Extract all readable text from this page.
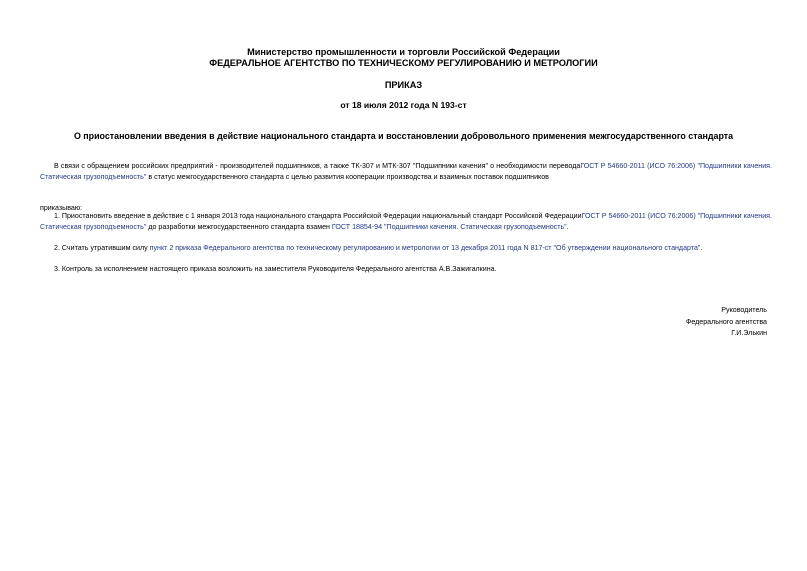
Министерство промышленности и торговли Российской Федерации
ФЕДЕРАЛЬНОЕ АГЕНТСТВО ПО ТЕХНИЧЕСКОМУ РЕГУЛИРОВАНИЮ И МЕТРОЛОГИИ
ПРИКАЗ
от 18 июля 2012 года N 193-ст
О приостановлении введения в действие национального стандарта и восстановлении добровольного применения межгосударственного стандарта
В связи с обращением российских предприятий - производителей подшипников, а также ТК-307 и МТК-307 "Подшипники качения" о необходимости переводаГОСТ Р 54660-2011 (ИСО 76:2006) "Подшипники качения. Статическая грузоподъемность" в статус межгосударственного стандарта с целью развития кооперации производства и взаимных поставок подшипников
приказываю:
1. Приостановить введение в действие с 1 января 2013 года национального стандарта Российской Федерации национальный стандарт Российской ФедерацииГОСТ Р 54660-2011 (ИСО 76:2006) "Подшипники качения. Статическая грузоподъемность" до разработки межгосударственного стандарта взамен ГОСТ 18854-94 "Подшипники качения. Статическая грузоподъемность".
2. Считать утратившим силу пункт 2 приказа Федерального агентства по техническому регулированию и метрологии от 13 декабря 2011 года N 817-ст "Об утверждении национального стандарта".
3. Контроль за исполнением настоящего приказа возложить на заместителя Руководителя Федерального агентства А.В.Зажигалкина.
Руководитель
Федерального агентства
Г.И.Элькин
